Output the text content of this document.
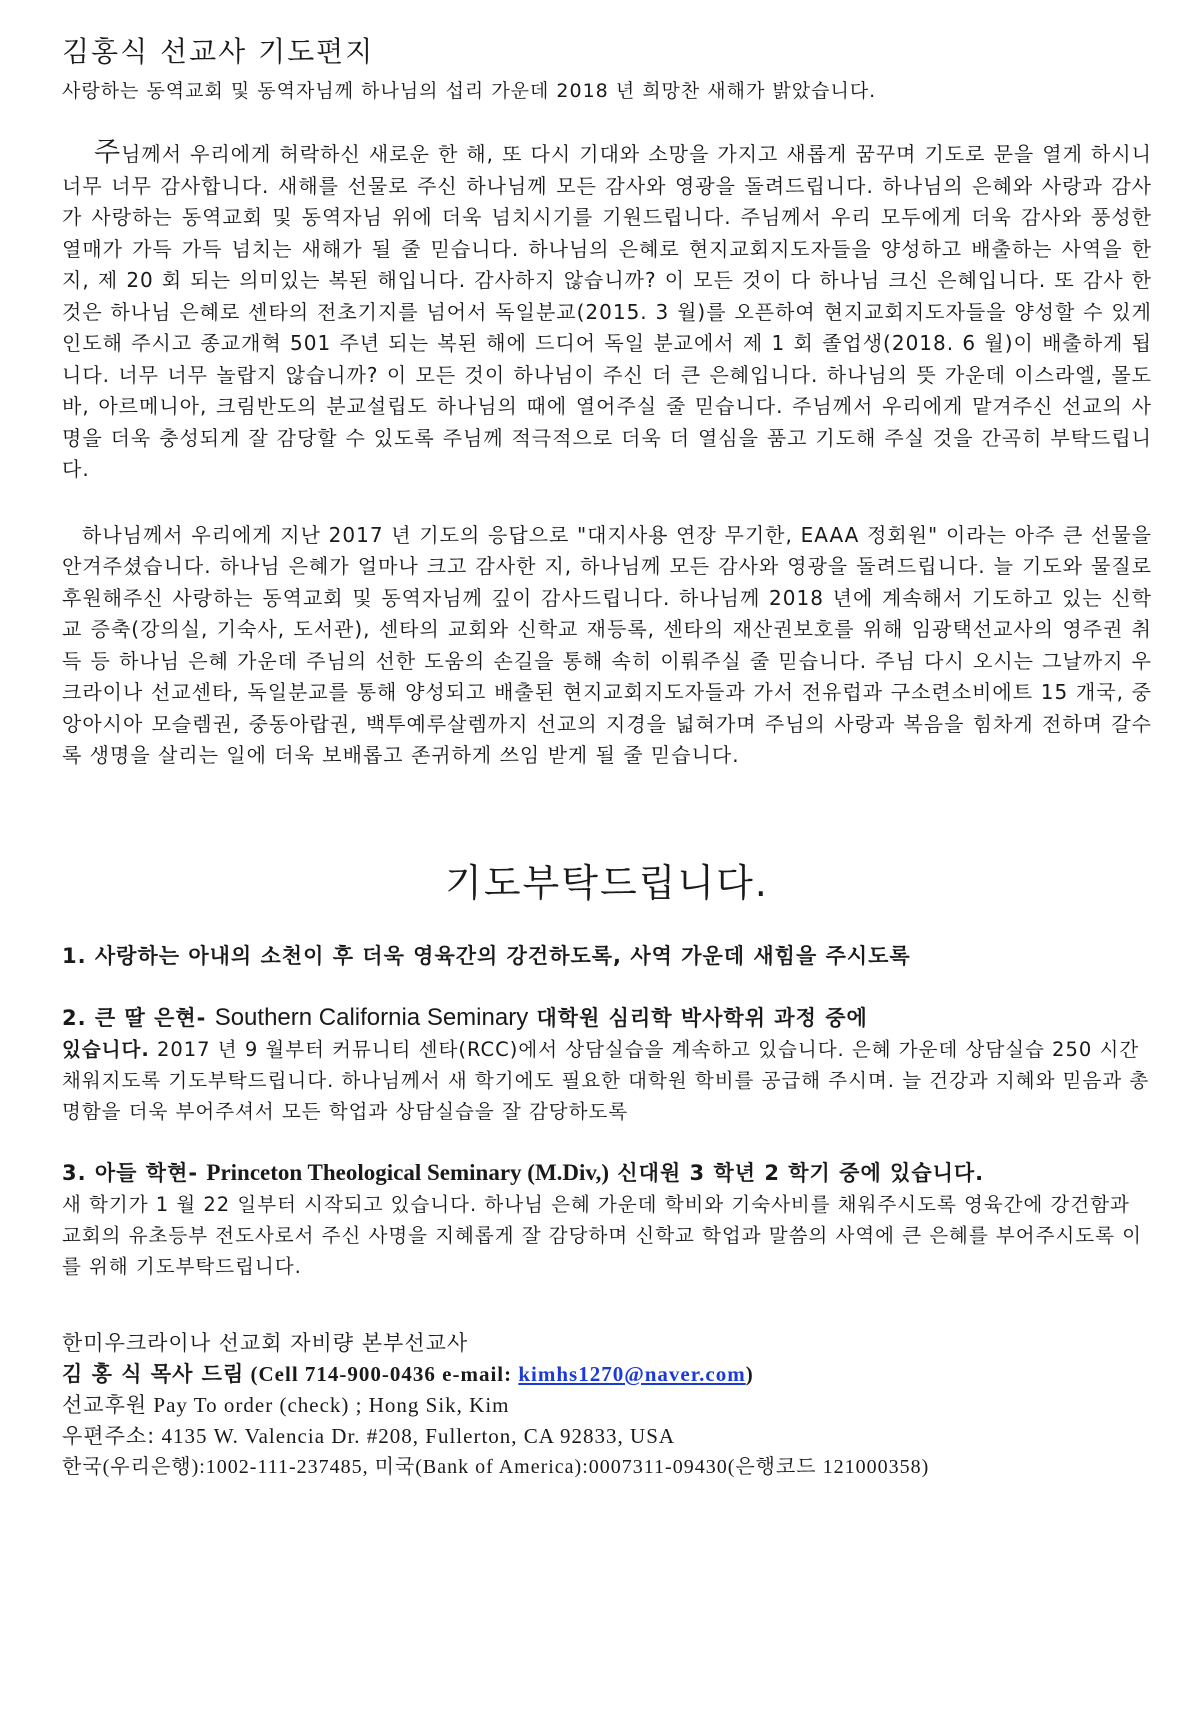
김홍식 선교사 기도편지

사랑하는 동역교회 및 동역자님께 하나님의 섭리 가운데 2018 년 희망찬 새해가 밝았습니다.

주님께서 우리에게 허락하신 새로운 한 해, 또 다시 기대와 소망을 가지고 새롭게 꿈꾸며 기도로 문을 열게 하시니 너무 너무 감사합니다. 새해를 선물로 주신 하나님께 모든 감사와 영광을 돌려드립니다. 하나님의 은혜와 사랑과 감사가 사랑하는 동역교회 및 동역자님 위에 더욱 넘치시기를 기원드립니다. 주님께서 우리 모두에게 더욱 감사와 풍성한 열매가 가득 가득 넘치는 새해가 될 줄 믿습니다. 하나님의 은혜로 현지교회지도자들을 양성하고 배출하는 사역을 한 지, 제 20 회 되는 의미있는 복된 해입니다. 감사하지 않습니까? 이 모든 것이 다 하나님 크신 은혜입니다. 또 감사 한 것은 하나님 은혜로 센타의 전초기지를 넘어서 독일분교(2015. 3 월)를 오픈하여 현지교회지도자들을 양성할 수 있게 인도해 주시고 종교개혁 501 주년 되는 복된 해에 드디어 독일 분교에서 제 1 회 졸업생(2018. 6 월)이 배출하게 됩니다. 너무 너무 놀랍지 않습니까? 이 모든 것이 하나님이 주신 더 큰 은혜입니다. 하나님의 뜻 가운데 이스라엘, 몰도바, 아르메니아, 크림반도의 분교설립도 하나님의 때에 열어주실 줄 믿습니다. 주님께서 우리에게 맡겨주신 선교의 사명을 더욱 충성되게 잘 감당할 수 있도록 주님께 적극적으로 더욱 더 열심을 품고 기도해 주실 것을 간곡히 부탁드립니다.

하나님께서 우리에게 지난 2017 년 기도의 응답으로 "대지사용 연장 무기한, EAAA 정회원" 이라는 아주 큰 선물을 안겨주셨습니다. 하나님 은혜가 얼마나 크고 감사한 지, 하나님께 모든 감사와 영광을 돌려드립니다. 늘 기도와 물질로 후원해주신 사랑하는 동역교회 및 동역자님께 깊이 감사드립니다. 하나님께 2018 년에 계속해서 기도하고 있는 신학교 증축(강의실, 기숙사, 도서관), 센타의 교회와 신학교 재등록, 센타의 재산권보호를 위해 임광택선교사의 영주권 취득 등 하나님 은혜 가운데 주님의 선한 도움의 손길을 통해 속히 이뤄주실 줄 믿습니다. 주님 다시 오시는 그날까지 우크라이나 선교센타, 독일분교를 통해 양성되고 배출된 현지교회지도자들과 가서 전유럽과 구소련소비에트 15 개국, 중앙아시아 모슬렘권, 중동아랍권, 백투예루살렘까지 선교의 지경을 넓혀가며 주님의 사랑과 복음을 힘차게 전하며 갈수록 생명을 살리는 일에 더욱 보배롭고 존귀하게 쓰임 받게 될 줄 믿습니다.

기도부탁드립니다.
1. 사랑하는 아내의 소천이 후 더욱 영육간의 강건하도록, 사역 가운데 새힘을 주시도록
2. 큰 딸 은현- Southern California Seminary 대학원 심리학 박사학위 과정 중에
있습니다. 2017 년 9 월부터 커뮤니티 센타(RCC)에서 상담실습을 계속하고 있습니다. 은혜 가운데 상담실습 250 시간 채워지도록 기도부탁드립니다. 하나님께서 새 학기에도 필요한 대학원 학비를 공급해 주시며. 늘 건강과 지혜와 믿음과 총명함을 더욱 부어주셔서 모든 학업과 상담실습을 잘 감당하도록
3. 아들 학현- Princeton Theological Seminary (M.Div,) 신대원 3 학년 2 학기 중에 있습니다.
새 학기가 1 월 22 일부터 시작되고 있습니다. 하나님 은혜 가운데 학비와 기숙사비를 채워주시도록 영육간에 강건함과 교회의 유초등부 전도사로서 주신 사명을 지혜롭게 잘 감당하며 신학교 학업과 말씀의 사역에 큰 은혜를 부어주시도록 이를 위해 기도부탁드립니다.
한미우크라이나 선교회 자비량 본부선교사
김 홍 식 목사 드림 (Cell 714-900-0436 e-mail: kimhs1270@naver.com)
선교후원 Pay To order (check) ; Hong Sik, Kim
우편주소: 4135 W. Valencia Dr. #208, Fullerton, CA 92833, USA
한국(우리은행):1002-111-237485, 미국(Bank of America):0007311-09430(은행코드 121000358)
